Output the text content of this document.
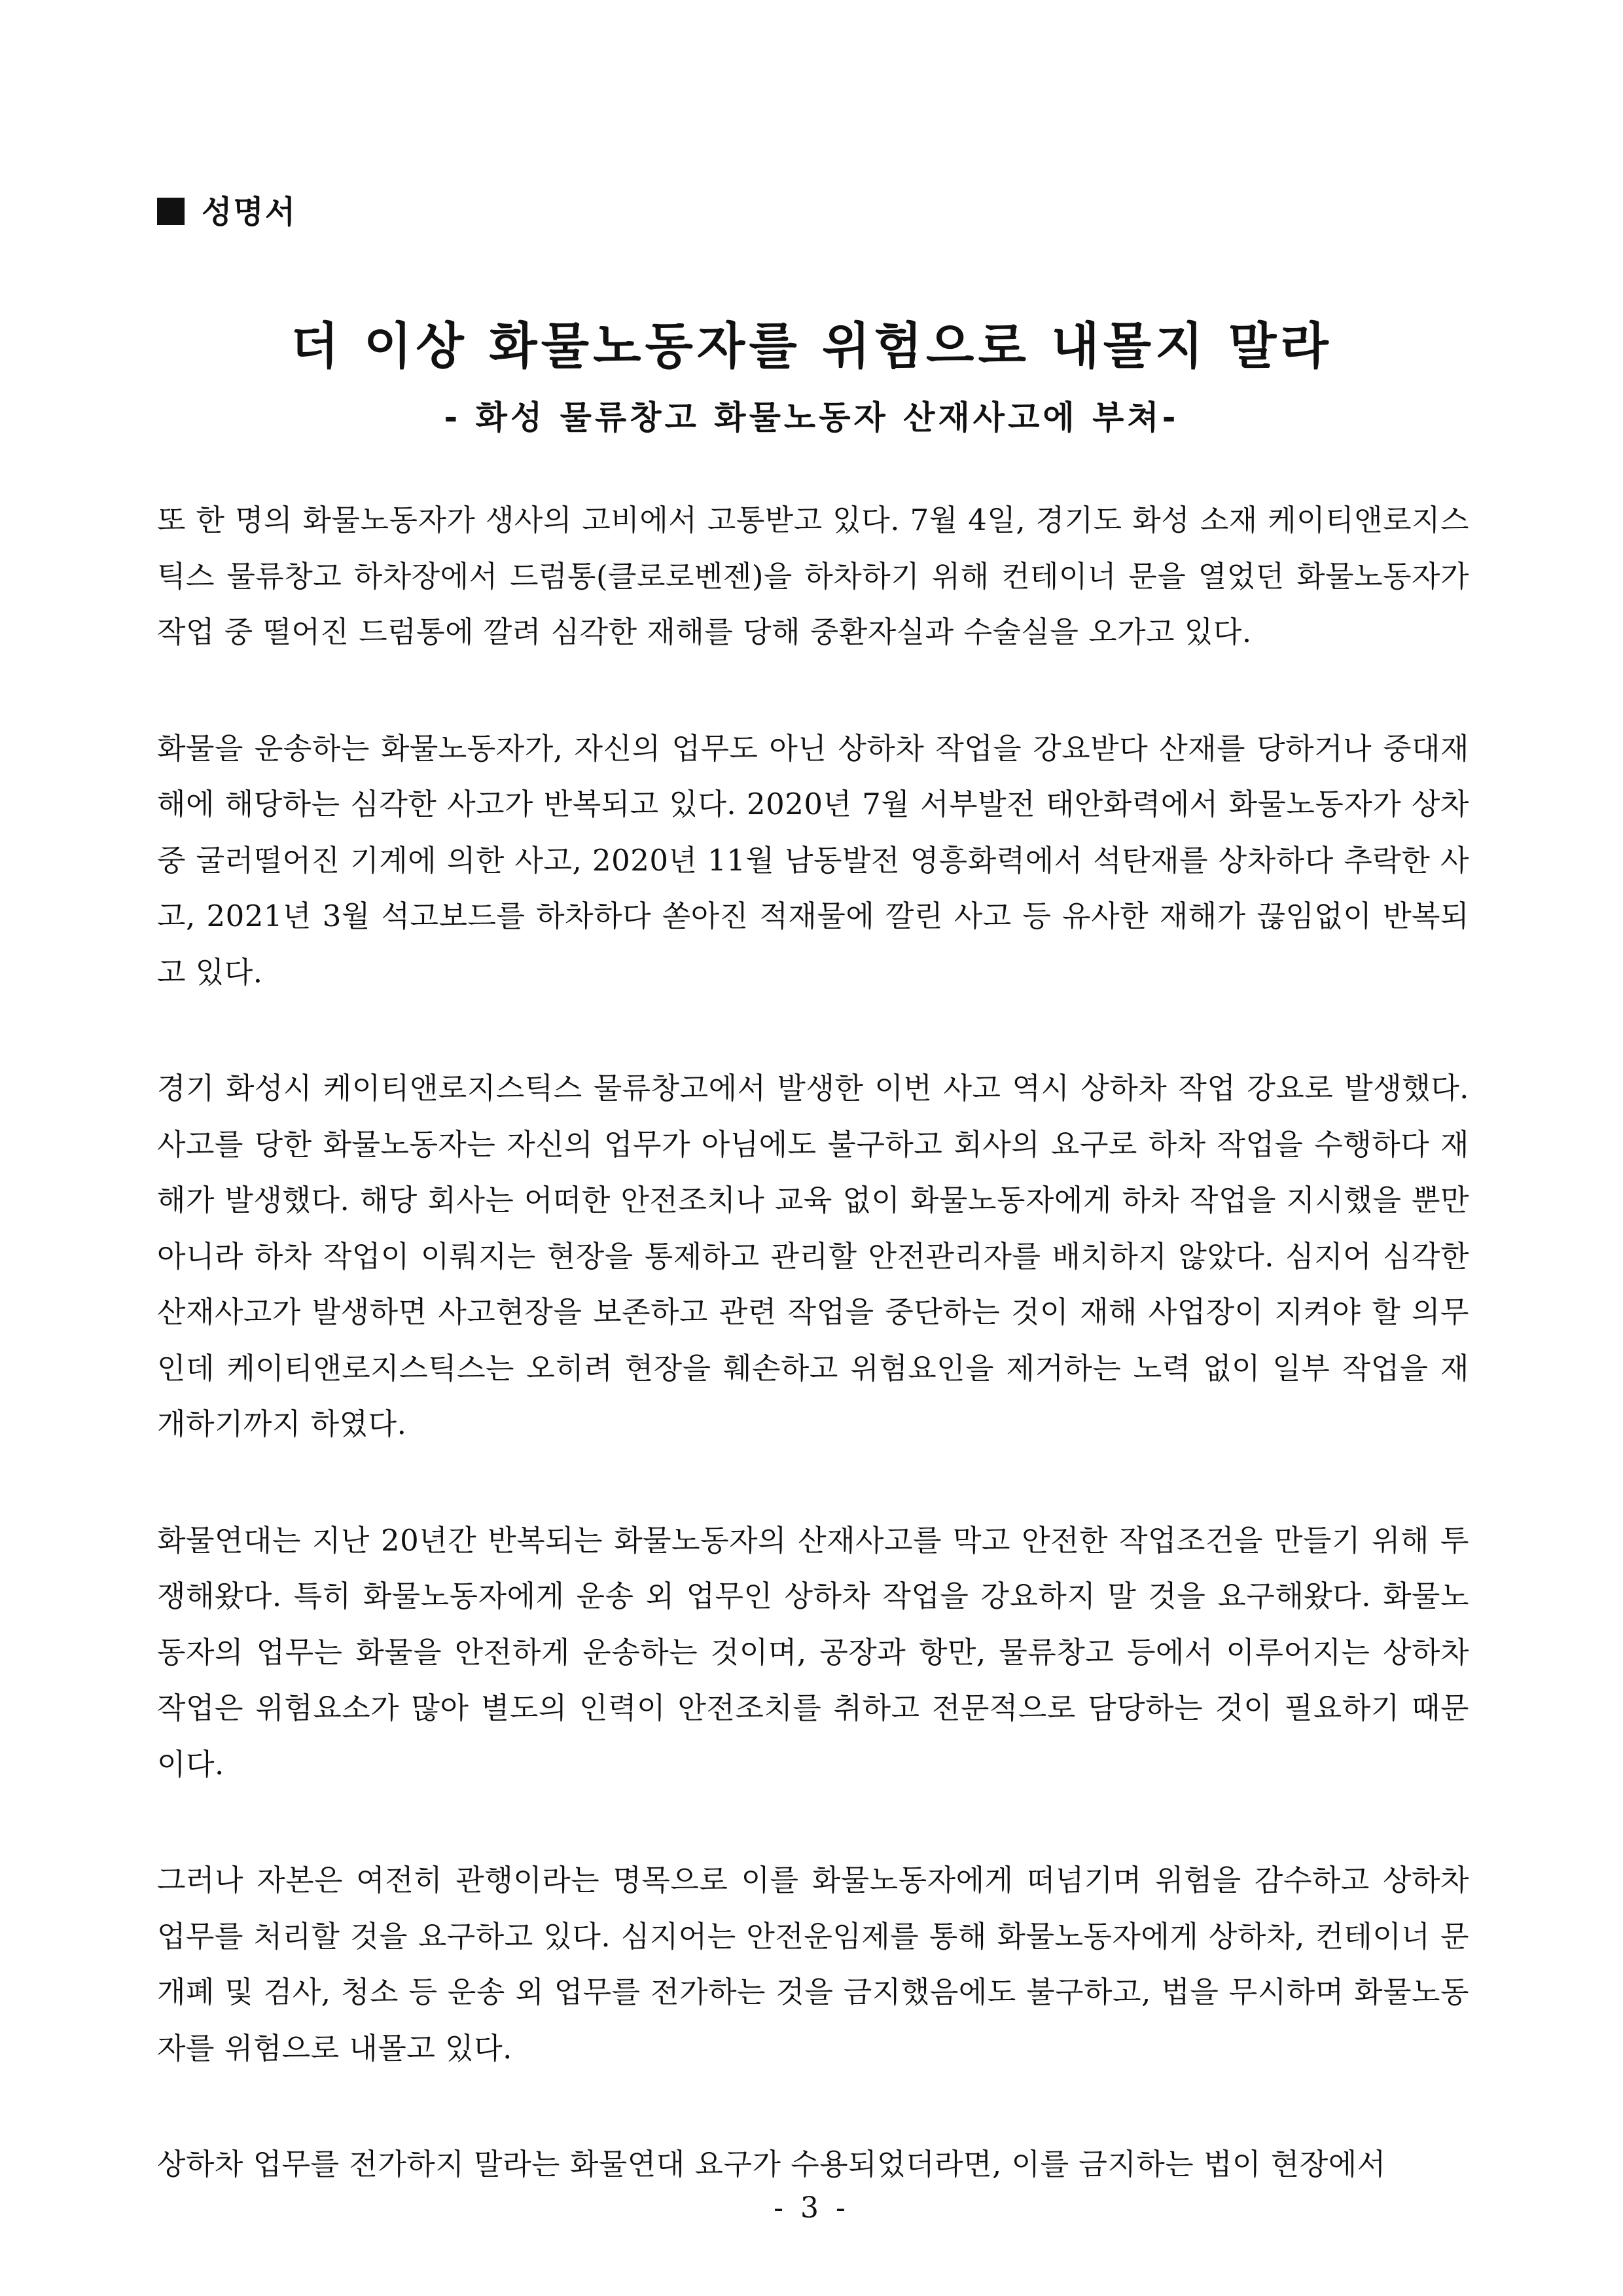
성명서
더 이상 화물노동자를 위험으로 내몰지 말라
- 화성 물류창고 화물노동자 산재사고에 부쳐-

또 한 명의 화물노동자가 생사의 고비에서 고통받고 있다. 7월 4일, 경기도 화성 소재 케이티앤로지스틱스 물류창고 하차장에서 드럼통(클로로벤젠)을 하차하기 위해 컨테이너 문을 열었던 화물노동자가 작업 중 떨어진 드럼통에 깔려 심각한 재해를 당해 중환자실과 수술실을 오가고 있다.

화물을 운송하는 화물노동자가, 자신의 업무도 아닌 상하차 작업을 강요받다 산재를 당하거나 중대재해에 해당하는 심각한 사고가 반복되고 있다. 2020년 7월 서부발전 태안화력에서 화물노동자가 상차 중 굴러떨어진 기계에 의한 사고, 2020년 11월 남동발전 영흥화력에서 석탄재를 상차하다 추락한 사고, 2021년 3월 석고보드를 하차하다 쏟아진 적재물에 깔린 사고 등 유사한 재해가 끊임없이 반복되고 있다.

경기 화성시 케이티앤로지스틱스 물류창고에서 발생한 이번 사고 역시 상하차 작업 강요로 발생했다. 사고를 당한 화물노동자는 자신의 업무가 아님에도 불구하고 회사의 요구로 하차 작업을 수행하다 재해가 발생했다. 해당 회사는 어떠한 안전조치나 교육 없이 화물노동자에게 하차 작업을 지시했을 뿐만 아니라 하차 작업이 이뤄지는 현장을 통제하고 관리할 안전관리자를 배치하지 않았다. 심지어 심각한 산재사고가 발생하면 사고현장을 보존하고 관련 작업을 중단하는 것이 재해 사업장이 지켜야 할 의무인데 케이티앤로지스틱스는 오히려 현장을 훼손하고 위험요인을 제거하는 노력 없이 일부 작업을 재개하기까지 하였다.

화물연대는 지난 20년간 반복되는 화물노동자의 산재사고를 막고 안전한 작업조건을 만들기 위해 투쟁해왔다. 특히 화물노동자에게 운송 외 업무인 상하차 작업을 강요하지 말 것을 요구해왔다. 화물노동자의 업무는 화물을 안전하게 운송하는 것이며, 공장과 항만, 물류창고 등에서 이루어지는 상하차 작업은 위험요소가 많아 별도의 인력이 안전조치를 취하고 전문적으로 담당하는 것이 필요하기 때문이다.

그러나 자본은 여전히 관행이라는 명목으로 이를 화물노동자에게 떠넘기며 위험을 감수하고 상하차 업무를 처리할 것을 요구하고 있다. 심지어는 안전운임제를 통해 화물노동자에게 상하차, 컨테이너 문 개폐 및 검사, 청소 등 운송 외 업무를 전가하는 것을 금지했음에도 불구하고, 법을 무시하며 화물노동자를 위험으로 내몰고 있다.

상하차 업무를 전가하지 말라는 화물연대 요구가 수용되었더라면, 이를 금지하는 법이 현장에서

- 3 -
